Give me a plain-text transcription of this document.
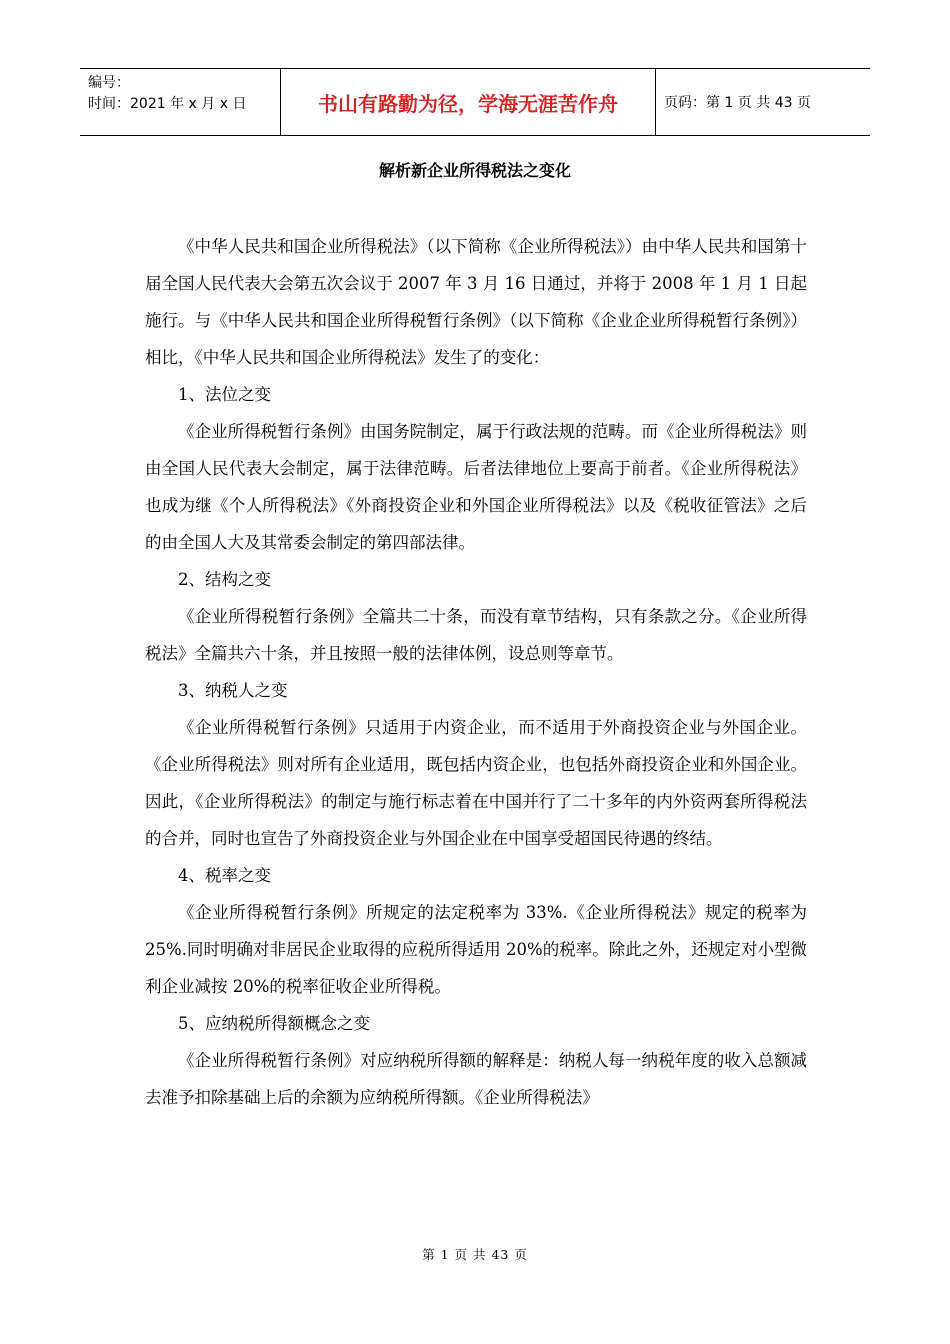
编号：
时间：2021 年 x 月 x 日	书山有路勤为径，学海无涯苦作舟	页码：第 1 页 共 43 页
解析新企业所得税法之变化

《中华人民共和国企业所得税法》（以下简称《企业所得税法》）由中华人民共和国第十届全国人民代表大会第五次会议于 2007 年 3 月 16 日通过，并将于 2008 年 1 月 1 日起施行。与《中华人民共和国企业所得税暂行条例》（以下简称《企业企业所得税暂行条例》）相比，《中华人民共和国企业所得税法》发生了的变化：

1、法位之变

《企业所得税暂行条例》由国务院制定，属于行政法规的范畴。而《企业所得税法》则由全国人民代表大会制定，属于法律范畴。后者法律地位上要高于前者。《企业所得税法》也成为继《个人所得税法》《外商投资企业和外国企业所得税法》以及《税收征管法》之后的由全国人大及其常委会制定的第四部法律。

2、结构之变

《企业所得税暂行条例》全篇共二十条，而没有章节结构，只有条款之分。《企业所得税法》全篇共六十条，并且按照一般的法律体例，设总则等章节。

3、纳税人之变

《企业所得税暂行条例》只适用于内资企业，而不适用于外商投资企业与外国企业。《企业所得税法》则对所有企业适用，既包括内资企业，也包括外商投资企业和外国企业。因此，《企业所得税法》的制定与施行标志着在中国并行了二十多年的内外资两套所得税法的合并，同时也宣告了外商投资企业与外国企业在中国享受超国民待遇的终结。

4、税率之变

《企业所得税暂行条例》所规定的法定税率为 33%.《企业所得税法》规定的税率为 25%.同时明确对非居民企业取得的应税所得适用 20%的税率。除此之外，还规定对小型微利企业减按 20%的税率征收企业所得税。

5、应纳税所得额概念之变

《企业所得税暂行条例》对应纳税所得额的解释是：纳税人每一纳税年度的收入总额减去准予扣除基础上后的余额为应纳税所得额。《企业所得税法》

第 1 页 共 43 页
